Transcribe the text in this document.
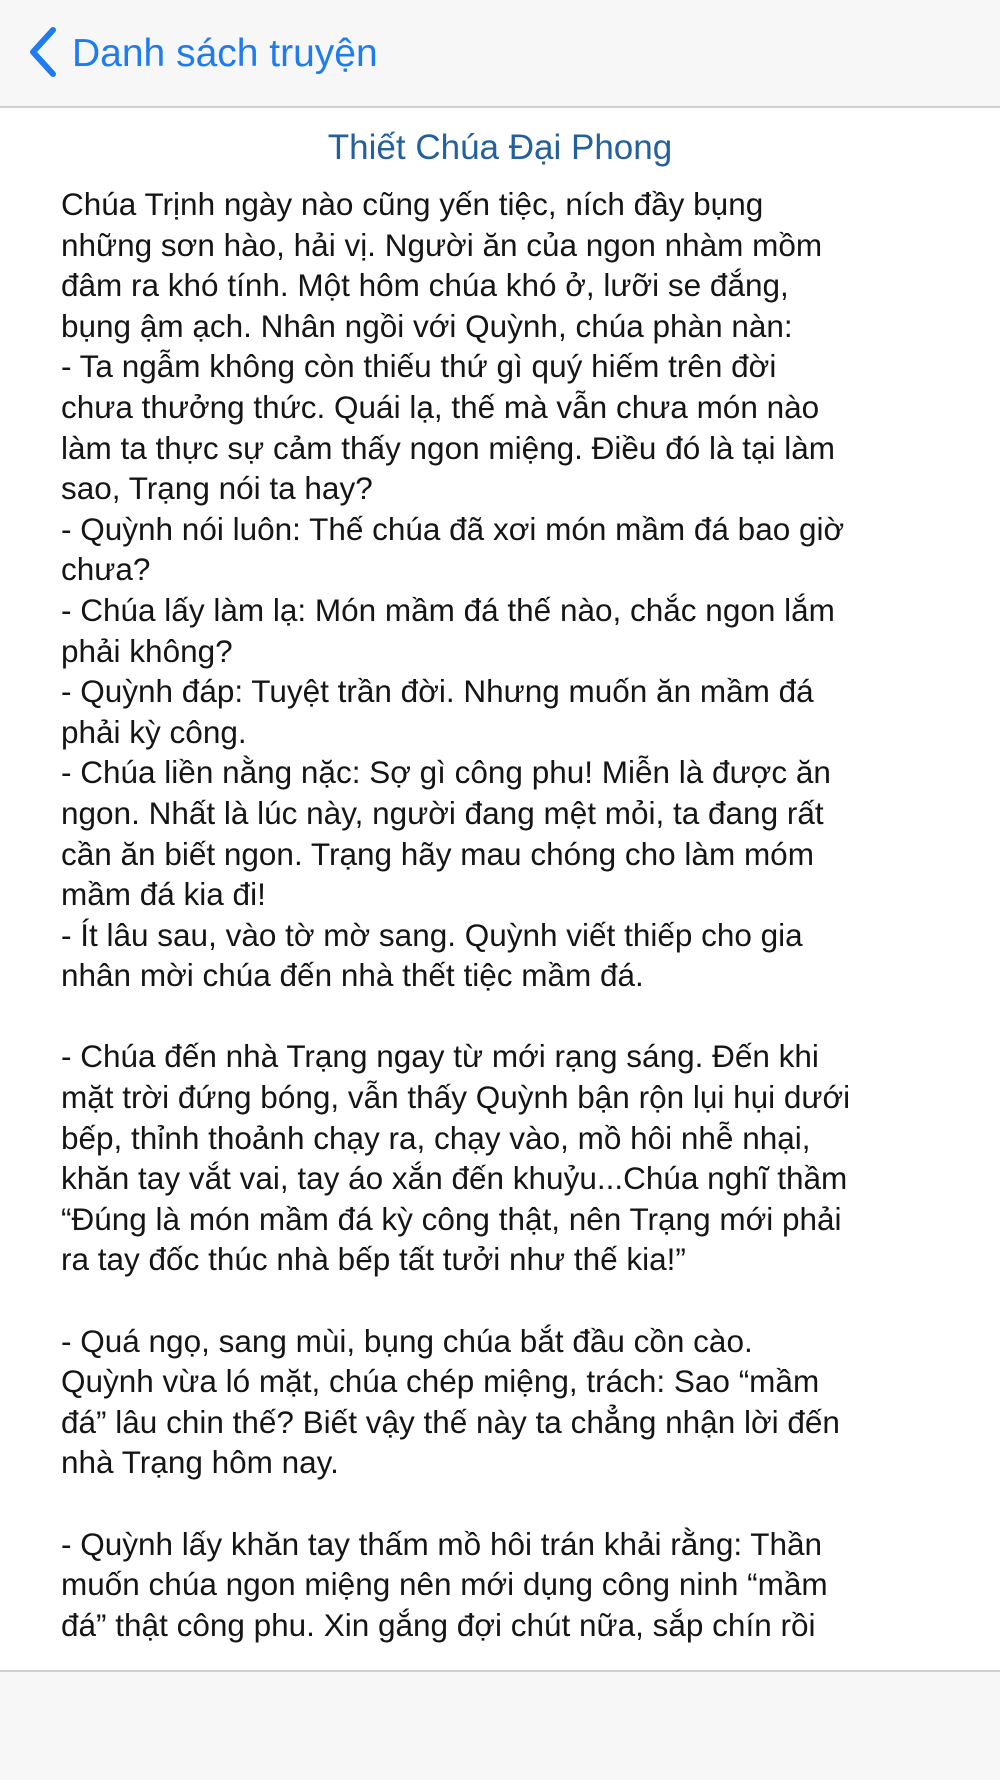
Danh sách truyện
Thiết Chúa Đại Phong

Chúa Trịnh ngày nào cũng yến tiệc, ních đầy bụng

những sơn hào, hải vị. Người ăn của ngon nhàm mồm

đâm ra khó tính. Một hôm chúa khó ở, lưỡi se đắng,

bụng ậm ạch. Nhân ngồi với Quỳnh, chúa phàn nàn:

- Ta ngẫm không còn thiếu thứ gì quý hiếm trên đời

chưa thưởng thức. Quái lạ, thế mà vẫn chưa món nào

làm ta thực sự cảm thấy ngon miệng. Điều đó là tại làm

sao, Trạng nói ta hay?

- Quỳnh nói luôn: Thế chúa đã xơi món mầm đá bao giờ

chưa?

- Chúa lấy làm lạ: Món mầm đá thế nào, chắc ngon lắm

phải không?

- Quỳnh đáp: Tuyệt trần đời. Nhưng muốn ăn mầm đá

phải kỳ công.

- Chúa liền nằng nặc: Sợ gì công phu! Miễn là được ăn

ngon. Nhất là lúc này, người đang mệt mỏi, ta đang rất

cần ăn biết ngon. Trạng hãy mau chóng cho làm móm

mầm đá kia đi!

- Ít lâu sau, vào tờ mờ sang. Quỳnh viết thiếp cho gia

nhân mời chúa đến nhà thết tiệc mầm đá.

- Chúa đến nhà Trạng ngay từ mới rạng sáng. Đến khi

mặt trời đứng bóng, vẫn thấy Quỳnh bận rộn lụi hụi dưới

bếp, thỉnh thoảnh chạy ra, chạy vào, mồ hôi nhễ nhại,

khăn tay vắt vai, tay áo xắn đến khuỷu...Chúa nghĩ thầm

“Đúng là món mầm đá kỳ công thật, nên Trạng mới phải

ra tay đốc thúc nhà bếp tất tưởi như thế kia!”

- Quá ngọ, sang mùi, bụng chúa bắt đầu cồn cào.

Quỳnh vừa ló mặt, chúa chép miệng, trách: Sao “mầm

đá” lâu chin thế? Biết vậy thế này ta chẳng nhận lời đến

nhà Trạng hôm nay.

- Quỳnh lấy khăn tay thấm mồ hôi trán khải rằng: Thần

muốn chúa ngon miệng nên mới dụng công ninh “mầm

đá” thật công phu. Xin gắng đợi chút nữa, sắp chín rồi
